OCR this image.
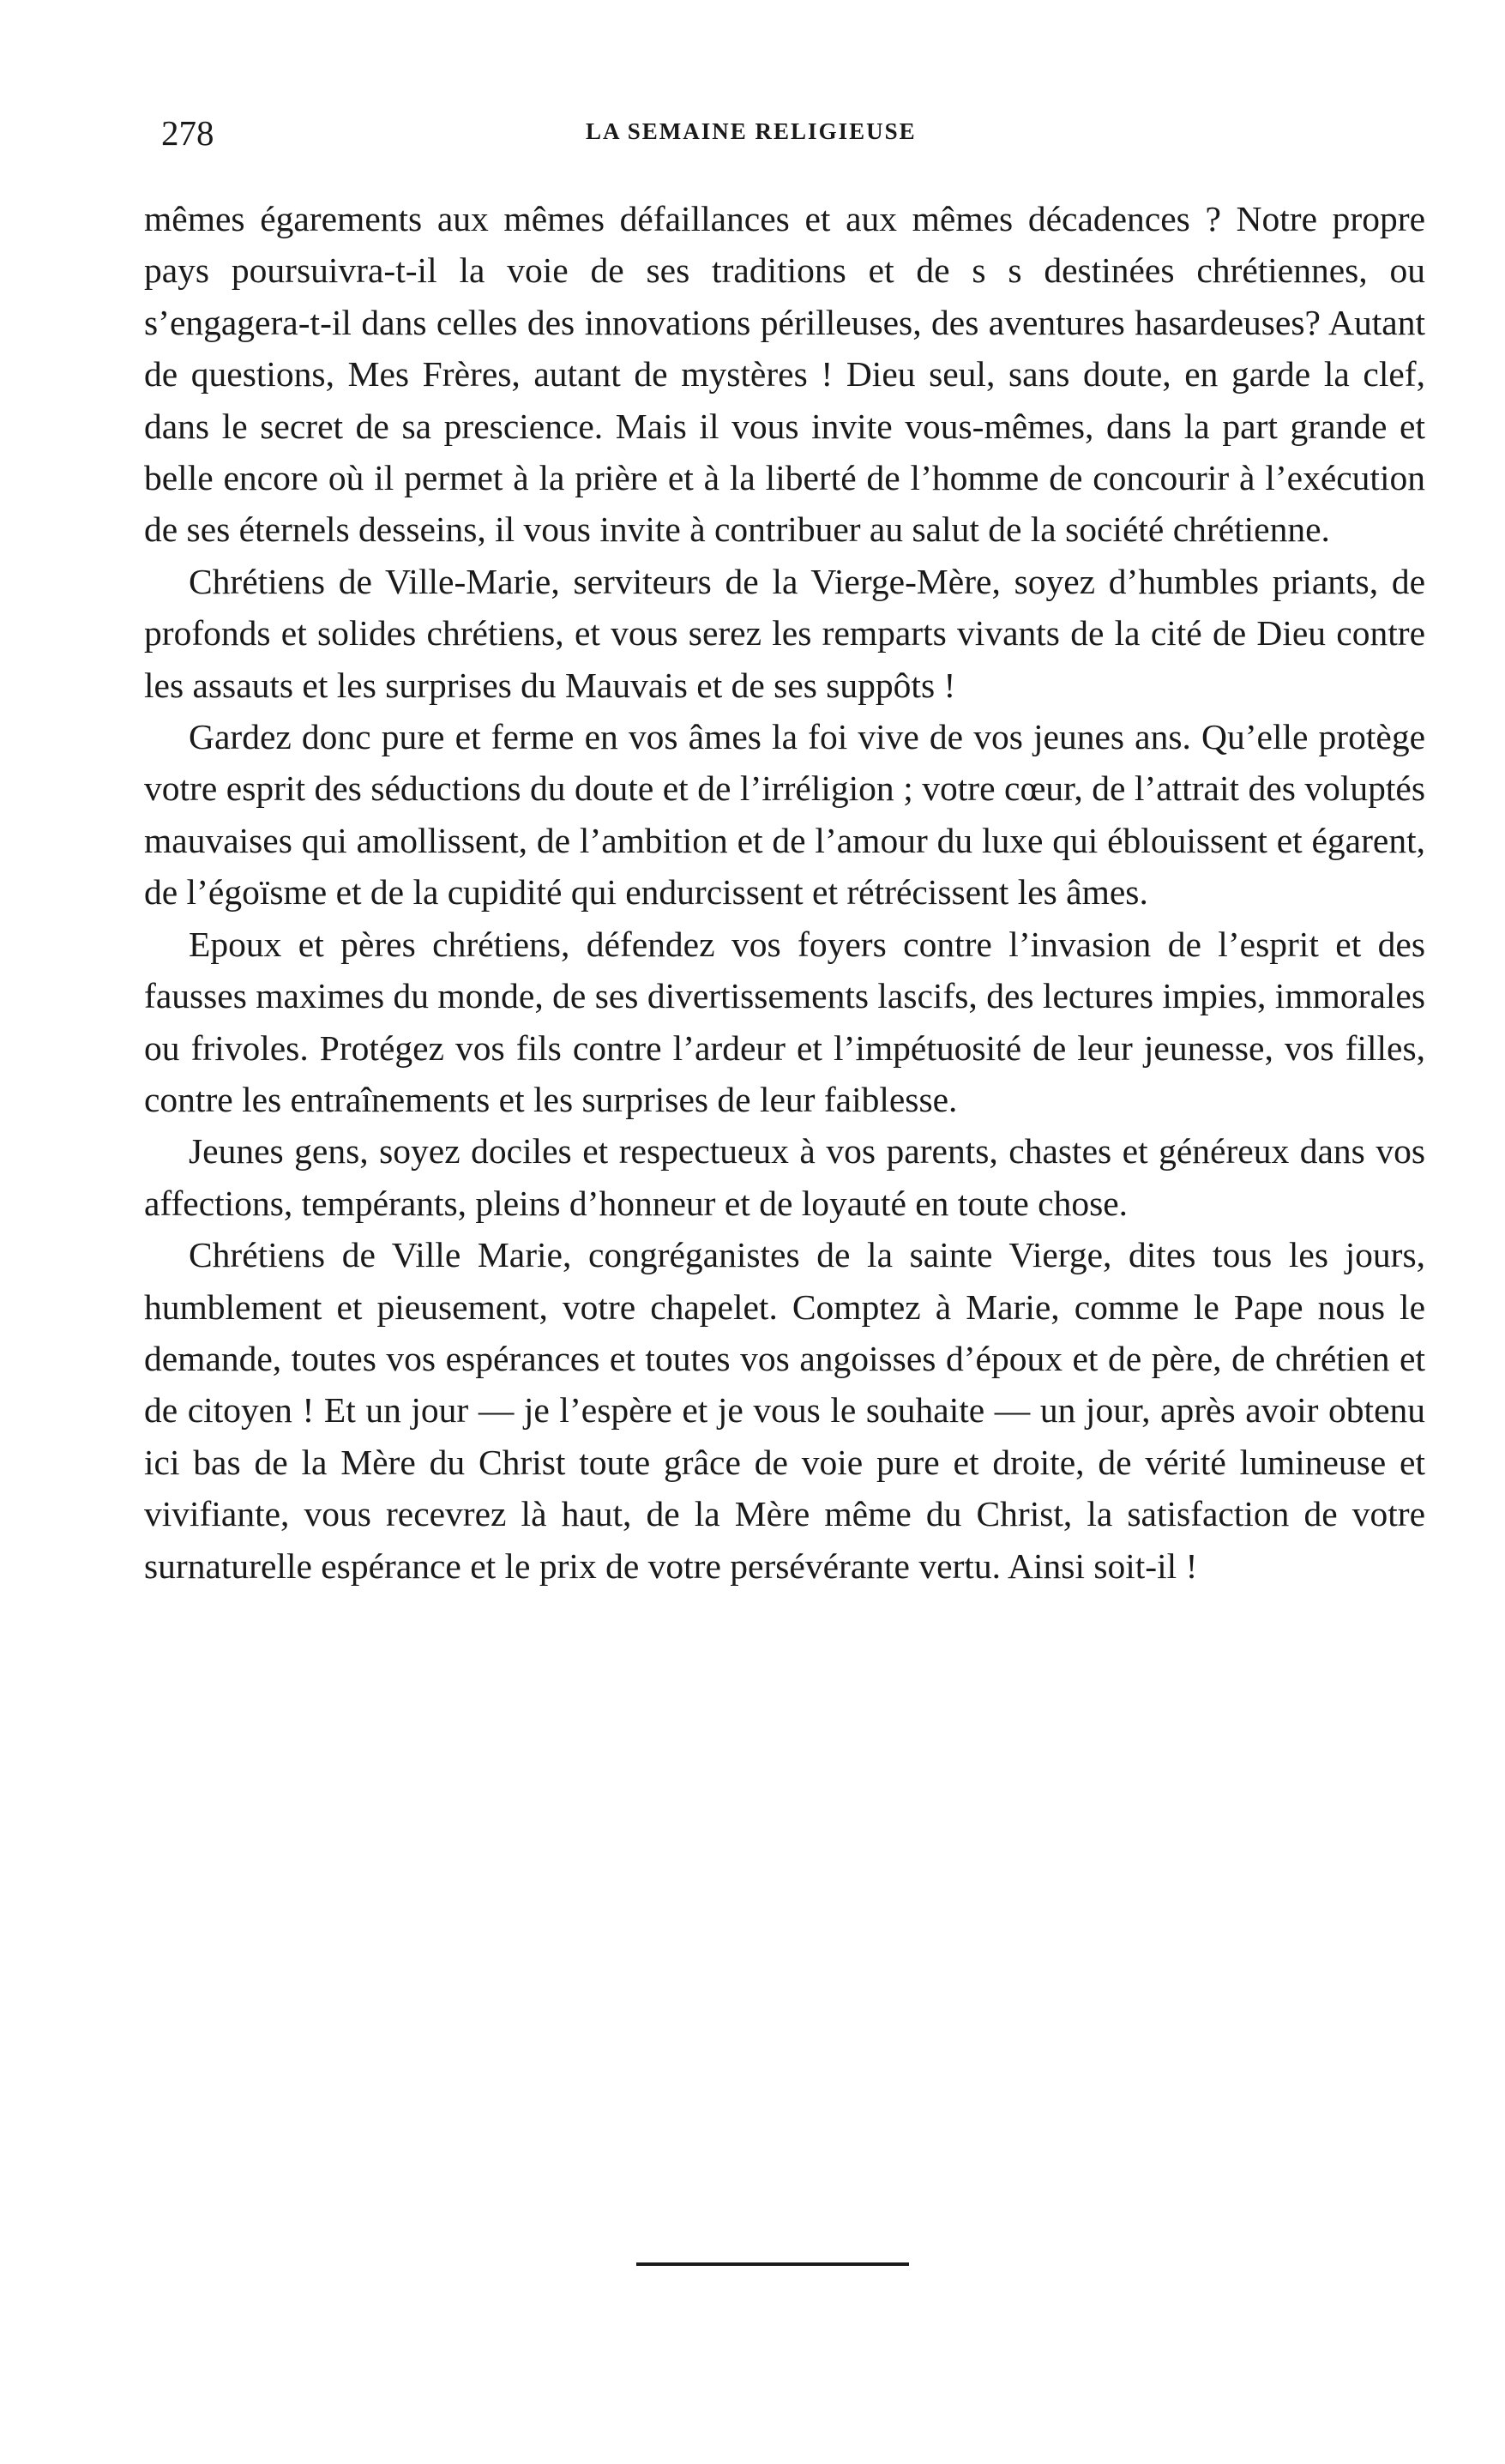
278	LA SEMAINE RELIGIEUSE

mêmes égarements aux mêmes défaillances et aux mêmes décadences ? Notre propre pays poursuivra-t-il la voie de ses traditions et de s s destinées chrétiennes, ou s’engagera-t-il dans celles des innovations périlleuses, des aventures hasardeuses? Autant de questions, Mes Frères, autant de mystères ! Dieu seul, sans doute, en garde la clef, dans le secret de sa prescience. Mais il vous invite vous-mêmes, dans la part grande et belle encore où il permet à la prière et à la liberté de l’homme de concourir à l’exécution de ses éternels desseins, il vous invite à contribuer au salut de la société chrétienne.

Chrétiens de Ville-Marie, serviteurs de la Vierge-Mère, soyez d’humbles priants, de profonds et solides chrétiens, et vous serez les remparts vivants de la cité de Dieu contre les assauts et les surprises du Mauvais et de ses suppôts !

Gardez donc pure et ferme en vos âmes la foi vive de vos jeunes ans. Qu’elle protège votre esprit des séductions du doute et de l’irréligion ; votre cœur, de l’attrait des voluptés mauvaises qui amollissent, de l’ambition et de l’amour du luxe qui éblouissent et égarent, de l’égoïsme et de la cupidité qui endurcissent et rétrécissent les âmes.

Epoux et pères chrétiens, défendez vos foyers contre l’invasion de l’esprit et des fausses maximes du monde, de ses divertissements lascifs, des lectures impies, immorales ou frivoles. Protégez vos fils contre l’ardeur et l’impétuosité de leur jeunesse, vos filles, contre les entraînements et les surprises de leur faiblesse.

Jeunes gens, soyez dociles et respectueux à vos parents, chastes et généreux dans vos affections, tempérants, pleins d’honneur et de loyauté en toute chose.

Chrétiens de Ville Marie, congréganistes de la sainte Vierge, dites tous les jours, humblement et pieusement, votre chapelet. Comptez à Marie, comme le Pape nous le demande, toutes vos espérances et toutes vos angoisses d’époux et de père, de chrétien et de citoyen ! Et un jour — je l’espère et je vous le souhaite — un jour, après avoir obtenu ici bas de la Mère du Christ toute grâce de voie pure et droite, de vérité lumineuse et vivifiante, vous recevrez là haut, de la Mère même du Christ, la satisfaction de votre surnaturelle espérance et le prix de votre persévérante vertu. Ainsi soit-il !
